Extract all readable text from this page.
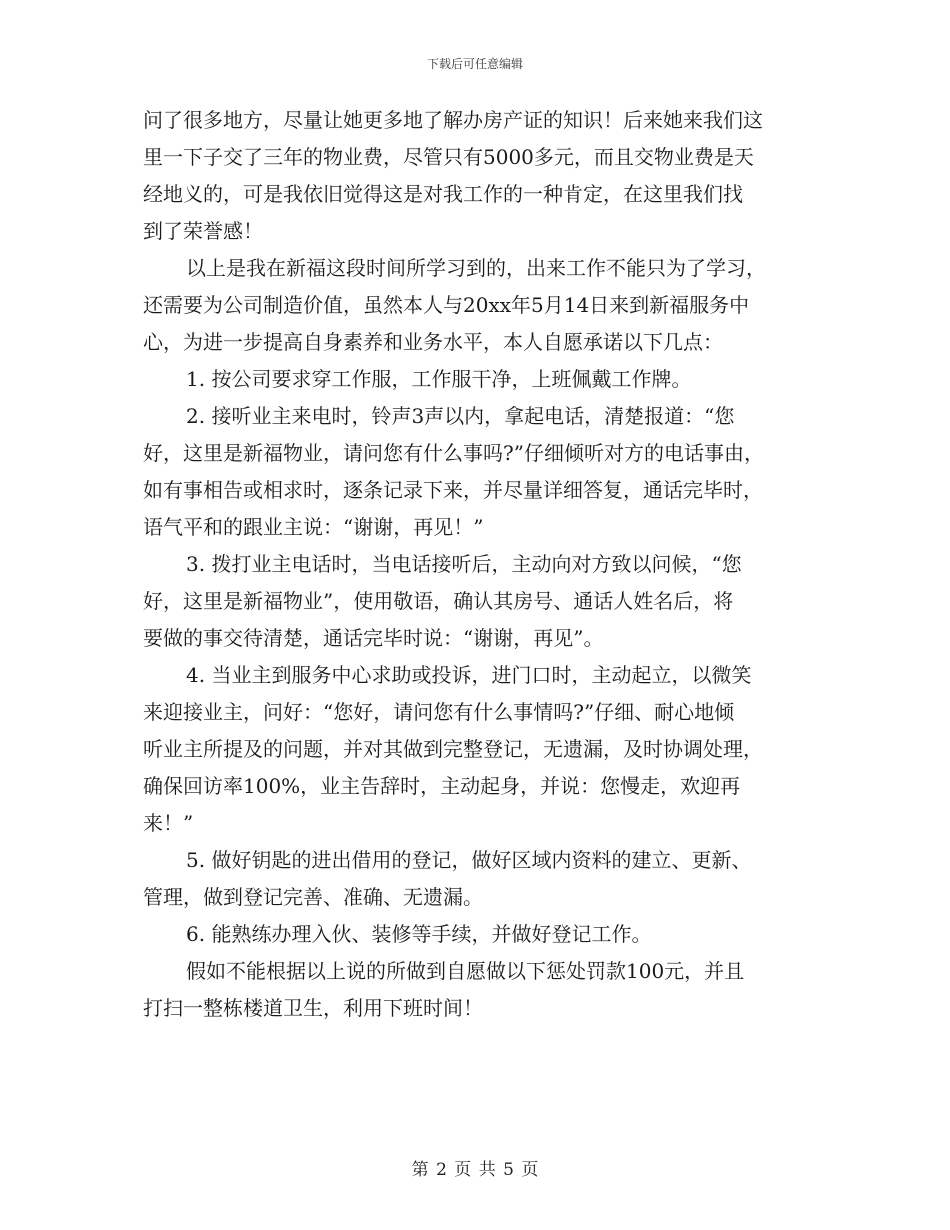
下载后可任意编辑
问了很多地方，尽量让她更多地了解办房产证的知识！后来她来我们这
里一下子交了三年的物业费，尽管只有5000多元，而且交物业费是天
经地义的，可是我依旧觉得这是对我工作的一种肯定，在这里我们找
到了荣誉感！
以上是我在新福这段时间所学习到的，出来工作不能只为了学习，
还需要为公司制造价值，虽然本人与20xx年5月14日来到新福服务中
心，为进一步提高自身素养和业务水平，本人自愿承诺以下几点：
1. 按公司要求穿工作服，工作服干净，上班佩戴工作牌。
2. 接听业主来电时，铃声3声以内，拿起电话，清楚报道：“您
好，这里是新福物业，请问您有什么事吗?”仔细倾听对方的电话事由，
如有事相告或相求时，逐条记录下来，并尽量详细答复，通话完毕时，
语气平和的跟业主说：“谢谢，再见！”
3. 拨打业主电话时，当电话接听后，主动向对方致以问候，“您
好，这里是新福物业”，使用敬语，确认其房号、通话人姓名后，将
要做的事交待清楚，通话完毕时说：“谢谢，再见”。
4. 当业主到服务中心求助或投诉，进门口时，主动起立，以微笑
来迎接业主，问好：“您好，请问您有什么事情吗?”仔细、耐心地倾
听业主所提及的问题，并对其做到完整登记，无遗漏，及时协调处理，
确保回访率100%，业主告辞时，主动起身，并说：您慢走，欢迎再
来！”
5. 做好钥匙的进出借用的登记，做好区域内资料的建立、更新、
管理，做到登记完善、准确、无遗漏。
6. 能熟练办理入伙、装修等手续，并做好登记工作。
假如不能根据以上说的所做到自愿做以下惩处罚款100元，并且
打扫一整栋楼道卫生，利用下班时间！
第 2 页 共 5 页
